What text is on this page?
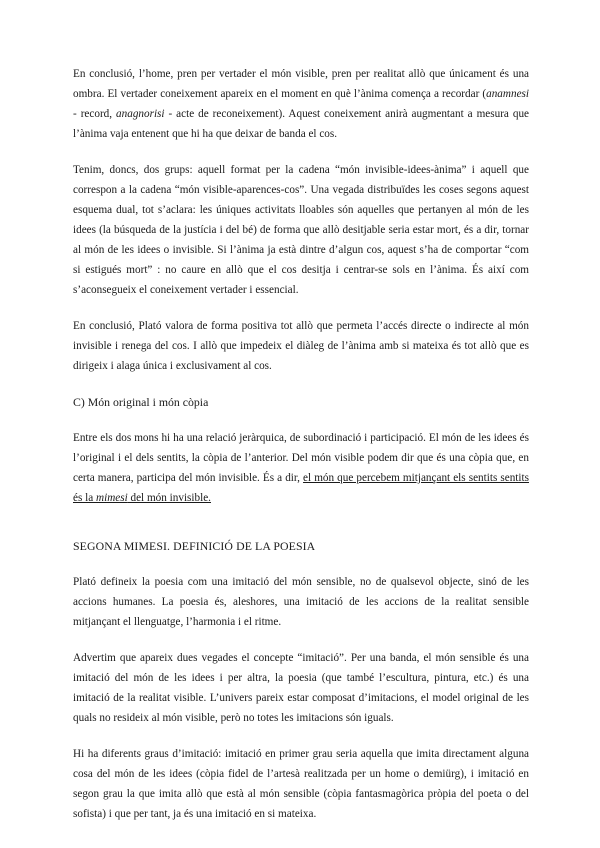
En conclusió, l’home, pren per vertader el món visible, pren per realitat allò que únicament és una ombra. El vertader coneixement apareix en el moment en què l’ànima comença a recordar (anamnesi - record, anagnorisi - acte de reconeixement). Aquest coneixement anirà augmentant a mesura que l’ànima vaja entenent que hi ha que deixar de banda el cos.

Tenim, doncs, dos grups: aquell format per la cadena “món invisible-idees-ànima” i aquell que correspon a la cadena “món visible-aparences-cos”. Una vegada distribuïdes les coses segons aquest esquema dual, tot s’aclara: les úniques activitats lloables són aquelles que pertanyen al món de les idees (la búsqueda de la justícia i del bé) de forma que allò desitjable seria estar mort, és a dir, tornar al món de les idees o invisible. Si l’ànima ja està dintre d’algun cos, aquest s’ha de comportar “com si estigués mort” : no caure en allò que el cos desitja i centrar-se sols en l’ànima. És així com s’aconsegueix el coneixement vertader i essencial.

En conclusió, Plató valora de forma positiva tot allò que permeta l’accés directe o indirecte al món invisible i renega del cos. I allò que impedeix el diàleg de l’ànima amb si mateixa és tot allò que es dirigeix i alaga única i exclusivament al cos.

C) Món original i món còpia

Entre els dos mons hi ha una relació jeràrquica, de subordinació i participació. El món de les idees és l’original i el dels sentits, la còpia de l’anterior. Del món visible podem dir que és una còpia que, en certa manera, participa del món invisible. És a dir, el món que percebem mitjançant els sentits sentits és la mimesi del món invisible.

SEGONA MIMESI. DEFINICIÓ DE LA POESIA

Plató defineix la poesia com una imitació del món sensible, no de qualsevol objecte, sinó de les accions humanes. La poesia és, aleshores, una imitació de les accions de la realitat sensible mitjançant el llenguatge, l’harmonia i el ritme.

Advertim que apareix dues vegades el concepte “imitació”. Per una banda, el món sensible és una imitació del món de les idees i per altra, la poesia (que també l’escultura, pintura, etc.) és una imitació de la realitat visible. L’univers pareix estar composat d’imitacions, el model original de les quals no resideix al món visible, però no totes les imitacions són iguals.

Hi ha diferents graus d’imitació: imitació en primer grau seria aquella que imita directament alguna cosa del món de les idees (còpia fidel de l’artesà realitzada per un home o demiürg), i imitació en segon grau la que imita allò que està al món sensible (còpia fantasmagòrica pròpia del poeta o del sofista) i que per tant, ja és una imitació en si mateixa.
